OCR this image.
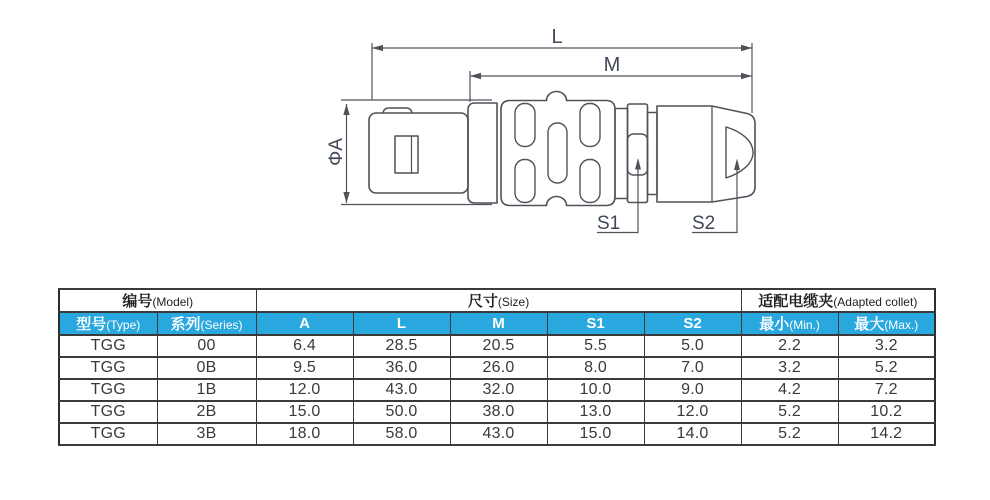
L
M
ΦA
S1	S2
编号(Model)		尺寸(Size)					适配电缆夹(Adapted collet)	
型号(Type)	系列(Series)	A	L	M	S1	S2	最小(Min.)	最大(Max.)
TGG	00	6.4	28.5	20.5	5.5	5.0	2.2	3.2
TGG	0B	9.5	36.0	26.0	8.0	7.0	3.2	5.2
TGG	1B	12.0	43.0	32.0	10.0	9.0	4.2	7.2
TGG	2B	15.0	50.0	38.0	13.0	12.0	5.2	10.2
TGG	3B	18.0	58.0	43.0	15.0	14.0	5.2	14.2
